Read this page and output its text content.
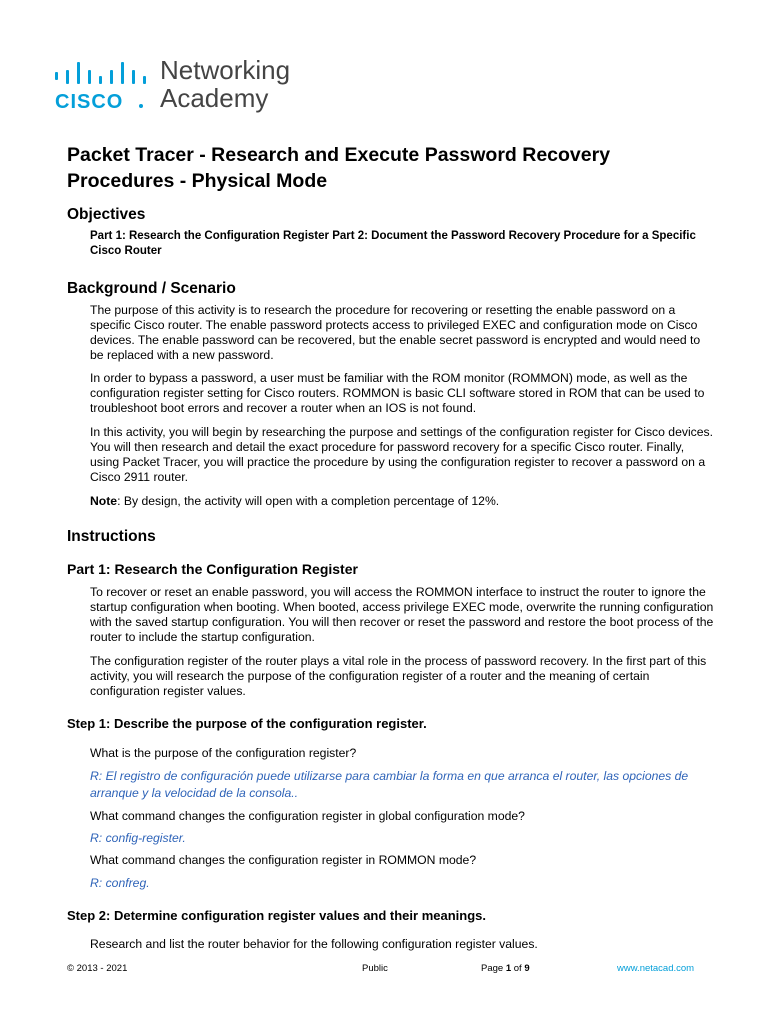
CISCO
Networking
Academy
Packet Tracer - Research and Execute Password Recovery Procedures - Physical Mode
Objectives

Part 1: Research the Configuration Register Part 2: Document the Password Recovery Procedure for a Specific Cisco Router

Background / Scenario

The purpose of this activity is to research the procedure for recovering or resetting the enable password on a specific Cisco router. The enable password protects access to privileged EXEC and configuration mode on Cisco devices. The enable password can be recovered, but the enable secret password is encrypted and would need to be replaced with a new password.

In order to bypass a password, a user must be familiar with the ROM monitor (ROMMON) mode, as well as the configuration register setting for Cisco routers. ROMMON is basic CLI software stored in ROM that can be used to troubleshoot boot errors and recover a router when an IOS is not found.

In this activity, you will begin by researching the purpose and settings of the configuration register for Cisco devices. You will then research and detail the exact procedure for password recovery for a specific Cisco router. Finally, using Packet Tracer, you will practice the procedure by using the configuration register to recover a password on a Cisco 2911 router.

Note: By design, the activity will open with a completion percentage of 12%.

Instructions
Part 1: Research the Configuration Register

To recover or reset an enable password, you will access the ROMMON interface to instruct the router to ignore the startup configuration when booting. When booted, access privilege EXEC mode, overwrite the running configuration with the saved startup configuration. You will then recover or reset the password and restore the boot process of the router to include the startup configuration.

The configuration register of the router plays a vital role in the process of password recovery. In the first part of this activity, you will research the purpose of the configuration register of a router and the meaning of certain configuration register values.

Step 1: Describe the purpose of the configuration register.

What is the purpose of the configuration register?

R: El registro de configuración puede utilizarse para cambiar la forma en que arranca el router, las opciones de arranque y la velocidad de la consola..

What command changes the configuration register in global configuration mode?

R: config-register.

What command changes the configuration register in ROMMON mode?

R: confreg.

Step 2: Determine configuration register values and their meanings.

Research and list the router behavior for the following configuration register values.

© 2013 - 2021	Public	Page 1 of 9	www.netacad.com
